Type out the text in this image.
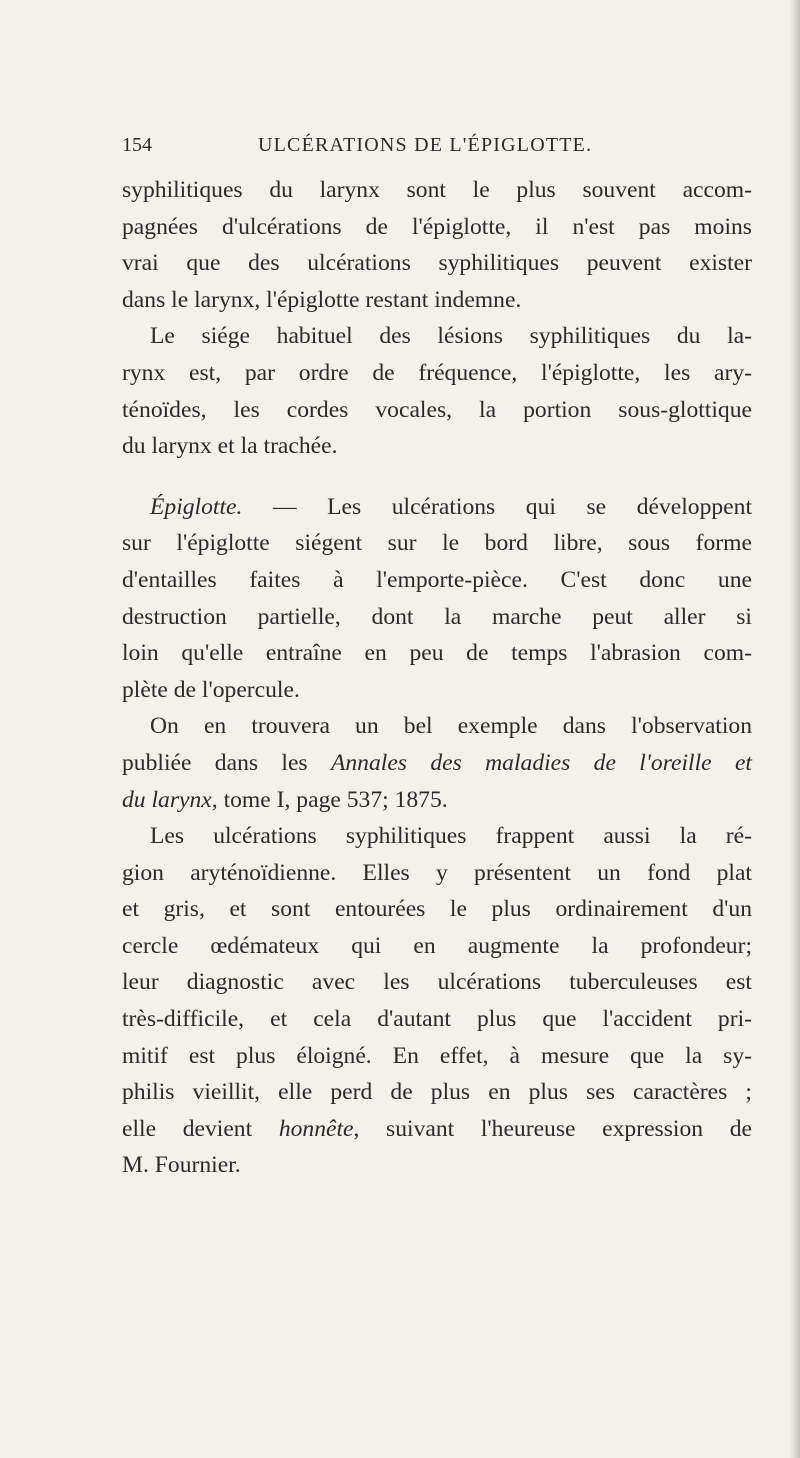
154	ULCÉRATIONS DE L'ÉPIGLOTTE.
syphilitiques du larynx sont le plus souvent accom-
pagnées d'ulcérations de l'épiglotte, il n'est pas moins
vrai que des ulcérations syphilitiques peuvent exister
dans le larynx, l'épiglotte restant indemne.
Le siége habituel des lésions syphilitiques du la-
rynx est, par ordre de fréquence, l'épiglotte, les ary-
ténoïdes, les cordes vocales, la portion sous-glottique
du larynx et la trachée.
Épiglotte. — Les ulcérations qui se développent
sur l'épiglotte siégent sur le bord libre, sous forme
d'entailles faites à l'emporte-pièce. C'est donc une
destruction partielle, dont la marche peut aller si
loin qu'elle entraîne en peu de temps l'abrasion com-
plète de l'opercule.
On en trouvera un bel exemple dans l'observation
publiée dans les Annales des maladies de l'oreille et
du larynx, tome I, page 537; 1875.
Les ulcérations syphilitiques frappent aussi la ré-
gion aryténoïdienne. Elles y présentent un fond plat
et gris, et sont entourées le plus ordinairement d'un
cercle œdémateux qui en augmente la profondeur;
leur diagnostic avec les ulcérations tuberculeuses est
très-difficile, et cela d'autant plus que l'accident pri-
mitif est plus éloigné. En effet, à mesure que la sy-
philis vieillit, elle perd de plus en plus ses caractères ;
elle devient honnête, suivant l'heureuse expression de
M. Fournier.
